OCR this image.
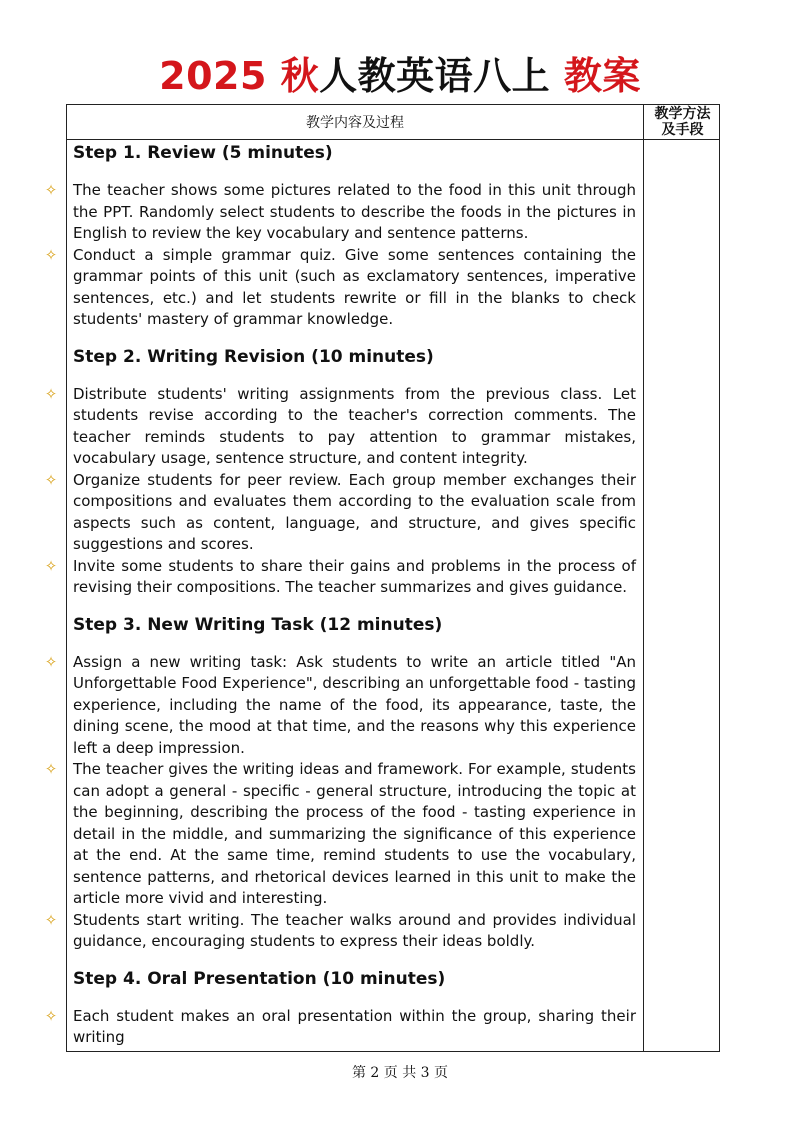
2025 秋人教英语八上 教案
教学内容及过程
教学方法
及手段

Step 1. Review (5 minutes)

✧ The teacher shows some pictures related to the food in this unit through the PPT. Randomly select students to describe the foods in the pictures in English to review the key vocabulary and sentence patterns.

✧ Conduct a simple grammar quiz. Give some sentences containing the grammar points of this unit (such as exclamatory sentences, imperative sentences, etc.) and let students rewrite or fill in the blanks to check students' mastery of grammar knowledge.

Step 2. Writing Revision (10 minutes)

✧ Distribute students' writing assignments from the previous class. Let students revise according to the teacher's correction comments. The teacher reminds students to pay attention to grammar mistakes, vocabulary usage, sentence structure, and content integrity.

✧ Organize students for peer review. Each group member exchanges their compositions and evaluates them according to the evaluation scale from aspects such as content, language, and structure, and gives specific suggestions and scores.

✧ Invite some students to share their gains and problems in the process of revising their compositions. The teacher summarizes and gives guidance.

Step 3. New Writing Task (12 minutes)

✧ Assign a new writing task: Ask students to write an article titled "An Unforgettable Food Experience", describing an unforgettable food - tasting experience, including the name of the food, its appearance, taste, the dining scene, the mood at that time, and the reasons why this experience left a deep impression.

✧ The teacher gives the writing ideas and framework. For example, students can adopt a general - specific - general structure, introducing the topic at the beginning, describing the process of the food - tasting experience in detail in the middle, and summarizing the significance of this experience at the end. At the same time, remind students to use the vocabulary, sentence patterns, and rhetorical devices learned in this unit to make the article more vivid and interesting.

✧ Students start writing. The teacher walks around and provides individual guidance, encouraging students to express their ideas boldly.

Step 4. Oral Presentation (10 minutes)

✧ Each student makes an oral presentation within the group, sharing their writing

第 2 页 共 3 页
